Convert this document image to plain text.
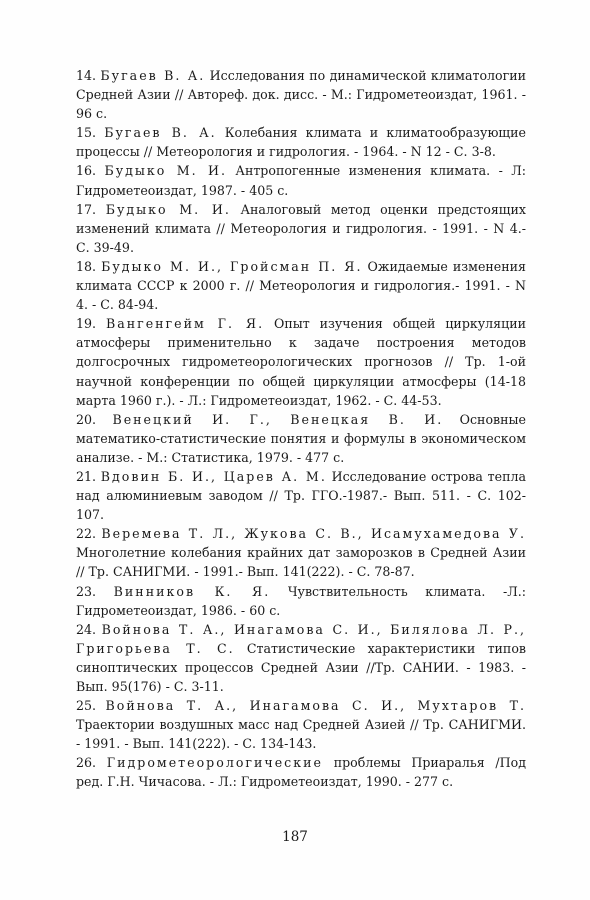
14. Бугаев В. А. Исследования по динамической климатологии Средней Азии // Автореф. док. дисс. - М.: Гидрометеоиздат, 1961. - 96 с.

15. Бугаев В. А. Колебания климата и климатообразующие процессы // Метеорология и гидрология. - 1964. - N 12 - С. 3-8.

16. Будыко М. И. Антропогенные изменения климата. - Л: Гидрометеоиздат, 1987. - 405 с.

17. Будыко М. И. Аналоговый метод оценки предстоящих изменений климата // Метеорология и гидрология. - 1991. - N 4.- С. 39-49.

18. Будыко М. И., Гройсман П. Я. Ожидаемые изменения климата СССР к 2000 г. // Метеорология и гидрология.- 1991. - N 4. - С. 84-94.

19. Вангенгейм Г. Я. Опыт изучения общей циркуляции атмосферы применительно к задаче построения методов долгосрочных гидрометеорологических прогнозов // Тр. 1-ой научной конференции по общей циркуляции атмосферы (14-18 марта 1960 г.). - Л.: Гидрометеоиздат, 1962. - С. 44-53.

20. Венецкий И. Г., Венецкая В. И. Основные математико-статистические понятия и формулы в экономическом анализе. - М.: Статистика, 1979. - 477 с.

21. Вдовин Б. И., Царев А. М. Исследование острова тепла над алюминиевым заводом // Тр. ГГО.-1987.- Вып. 511. - С. 102-107.

22. Веремева Т. Л., Жукова С. В., Исамухамедова У. Многолетние колебания крайних дат заморозков в Средней Азии // Тр. САНИГМИ. - 1991.- Вып. 141(222). - С. 78-87.

23. Винников К. Я. Чувствительность климата. -Л.: Гидрометеоиздат, 1986. - 60 с.

24. Войнова Т. А., Инагамова С. И., Билялова Л. Р., Григорьева Т. С. Статистические характеристики типов синоптических процессов Средней Азии //Тр. САНИИ. - 1983. - Вып. 95(176) - С. 3-11.

25. Войнова Т. А., Инагамова С. И., Мухтаров Т. Траектории воздушных масс над Средней Азией // Тр. САНИГМИ. - 1991. - Вып. 141(222). - С. 134-143.

26. Гидрометеорологические проблемы Приаралья /Под ред. Г.Н. Чичасова. - Л.: Гидрометеоиздат, 1990. - 277 с.

187
